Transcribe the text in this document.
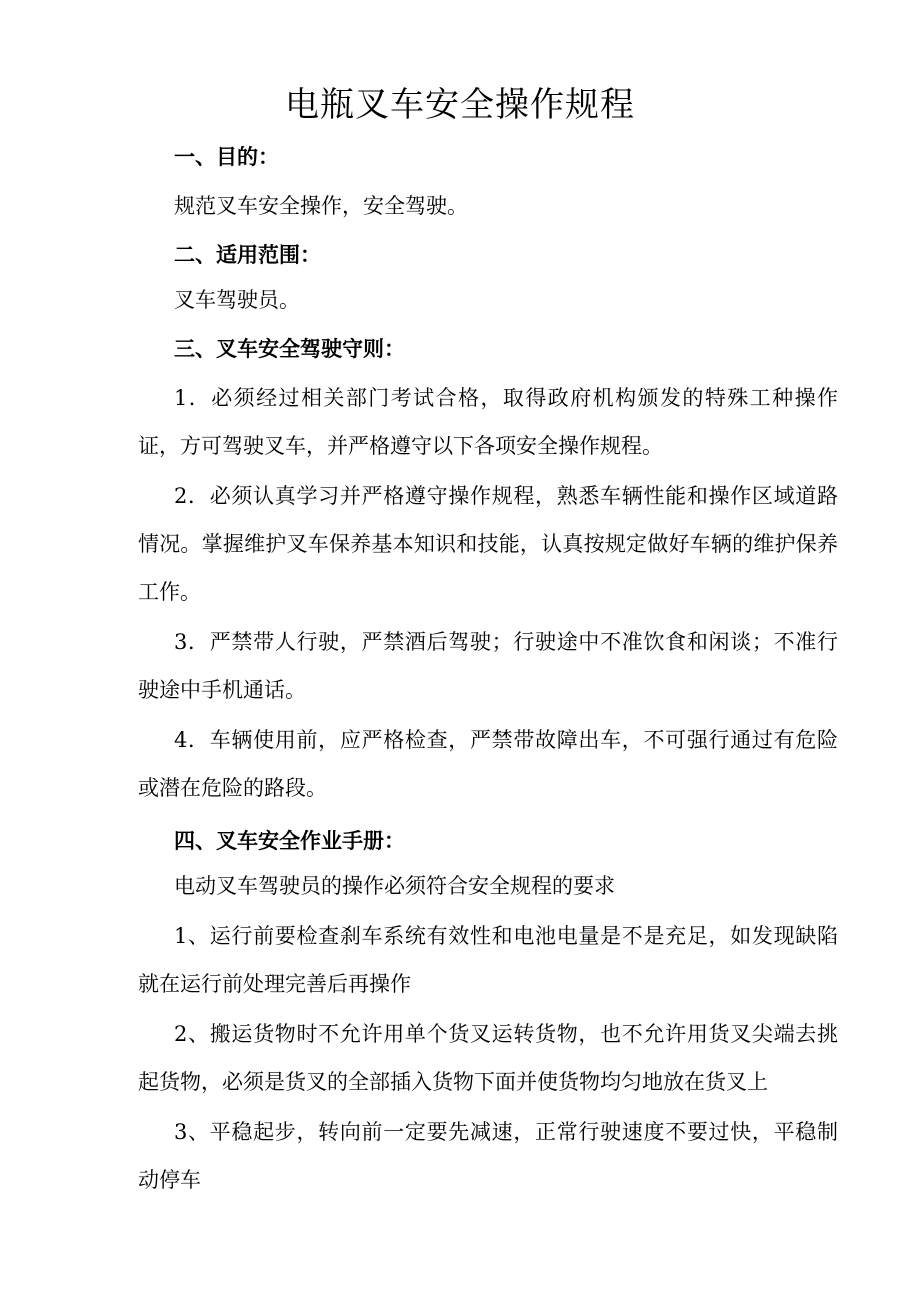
电瓶叉车安全操作规程
一、目的：

规范叉车安全操作，安全驾驶。

二、适用范围：

叉车驾驶员。

三、叉车安全驾驶守则：

1．必须经过相关部门考试合格，取得政府机构颁发的特殊工种操作证，方可驾驶叉车，并严格遵守以下各项安全操作规程。

2．必须认真学习并严格遵守操作规程，熟悉车辆性能和操作区域道路情况。掌握维护叉车保养基本知识和技能，认真按规定做好车辆的维护保养工作。

3．严禁带人行驶，严禁酒后驾驶；行驶途中不准饮食和闲谈；不准行驶途中手机通话。

4．车辆使用前，应严格检查，严禁带故障出车，不可强行通过有危险或潜在危险的路段。

四、叉车安全作业手册：

电动叉车驾驶员的操作必须符合安全规程的要求

1、运行前要检查刹车系统有效性和电池电量是不是充足，如发现缺陷就在运行前处理完善后再操作

2、搬运货物时不允许用单个货叉运转货物，也不允许用货叉尖端去挑起货物，必须是货叉的全部插入货物下面并使货物均匀地放在货叉上

3、平稳起步，转向前一定要先减速，正常行驶速度不要过快，平稳制动停车
